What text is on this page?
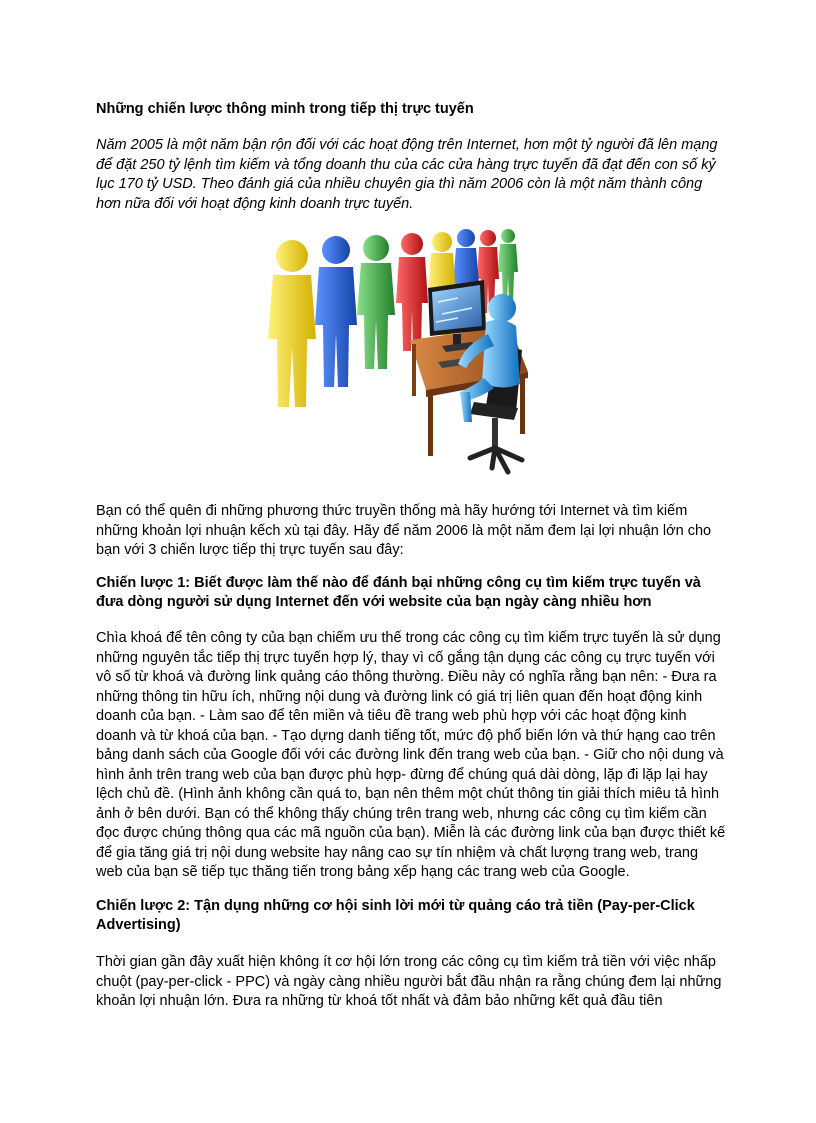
Những chiến lược thông minh trong tiếp thị trực tuyến
Năm 2005 là một năm bận rộn đối với các hoạt động trên Internet, hơn một tỷ người đã lên mạng để đặt 250 tỷ lệnh tìm kiếm và tổng doanh thu của các cửa hàng trực tuyến đã đạt đến con số kỷ lục 170 tỷ USD. Theo đánh giá của nhiều chuyên gia thì năm 2006 còn là một năm thành công hơn nữa đối với hoạt động kinh doanh trực tuyến.
Bạn có thể quên đi những phương thức truyền thống mà hãy hướng tới Internet và tìm kiếm những khoản lợi nhuận kếch xù tại đây. Hãy để năm 2006 là một năm đem lại lợi nhuận lớn cho bạn với 3 chiến lược tiếp thị trực tuyến sau đây:
Chiến lược 1: Biết được làm thế nào để đánh bại những công cụ tìm kiếm trực tuyến và đưa dòng người sử dụng Internet đến với website của bạn ngày càng nhiều hơn
Chìa khoá để tên công ty của bạn chiếm ưu thế trong các công cụ tìm kiếm trực tuyến là sử dụng những nguyên tắc tiếp thị trực tuyến hợp lý, thay vì cố gắng tận dụng các công cụ trực tuyến với vô số từ khoá và đường link quảng cáo thông thường. Điều này có nghĩa rằng bạn nên: - Đưa ra những thông tin hữu ích, những nội dung và đường link có giá trị liên quan đến hoạt động kinh doanh của bạn. - Làm sao để tên miền và tiêu đề trang web phù hợp với các hoạt động kinh doanh và từ khoá của bạn. - Tạo dựng danh tiếng tốt, mức độ phổ biến lớn và thứ hạng cao trên bảng danh sách của Google đối với các đường link đến trang web của bạn. - Giữ cho nội dung và hình ảnh trên trang web của bạn được phù hợp- đừng để chúng quá dài dòng, lặp đi lặp lại hay lệch chủ đề. (Hình ảnh không cần quá to, bạn nên thêm một chút thông tin giải thích miêu tả hình ảnh ở bên dưới. Bạn có thể không thấy chúng trên trang web, nhưng các công cụ tìm kiếm cần đọc được chúng thông qua các mã nguồn của bạn). Miễn là các đường link của bạn được thiết kế để gia tăng giá trị nội dung website hay nâng cao sự tín nhiệm và chất lượng trang web, trang web của bạn sẽ tiếp tục thăng tiến trong bảng xếp hạng các trang web của Google.
Chiến lược 2: Tận dụng những cơ hội sinh lời mới từ quảng cáo trả tiền (Pay-per-Click Advertising)
Thời gian gần đây xuất hiện không ít cơ hội lớn trong các công cụ tìm kiếm trả tiền với việc nhấp chuột (pay-per-click - PPC) và ngày càng nhiều người bắt đầu nhận ra rằng chúng đem lại những khoản lợi nhuận lớn. Đưa ra những từ khoá tốt nhất và đảm bảo những kết quả đầu tiên
